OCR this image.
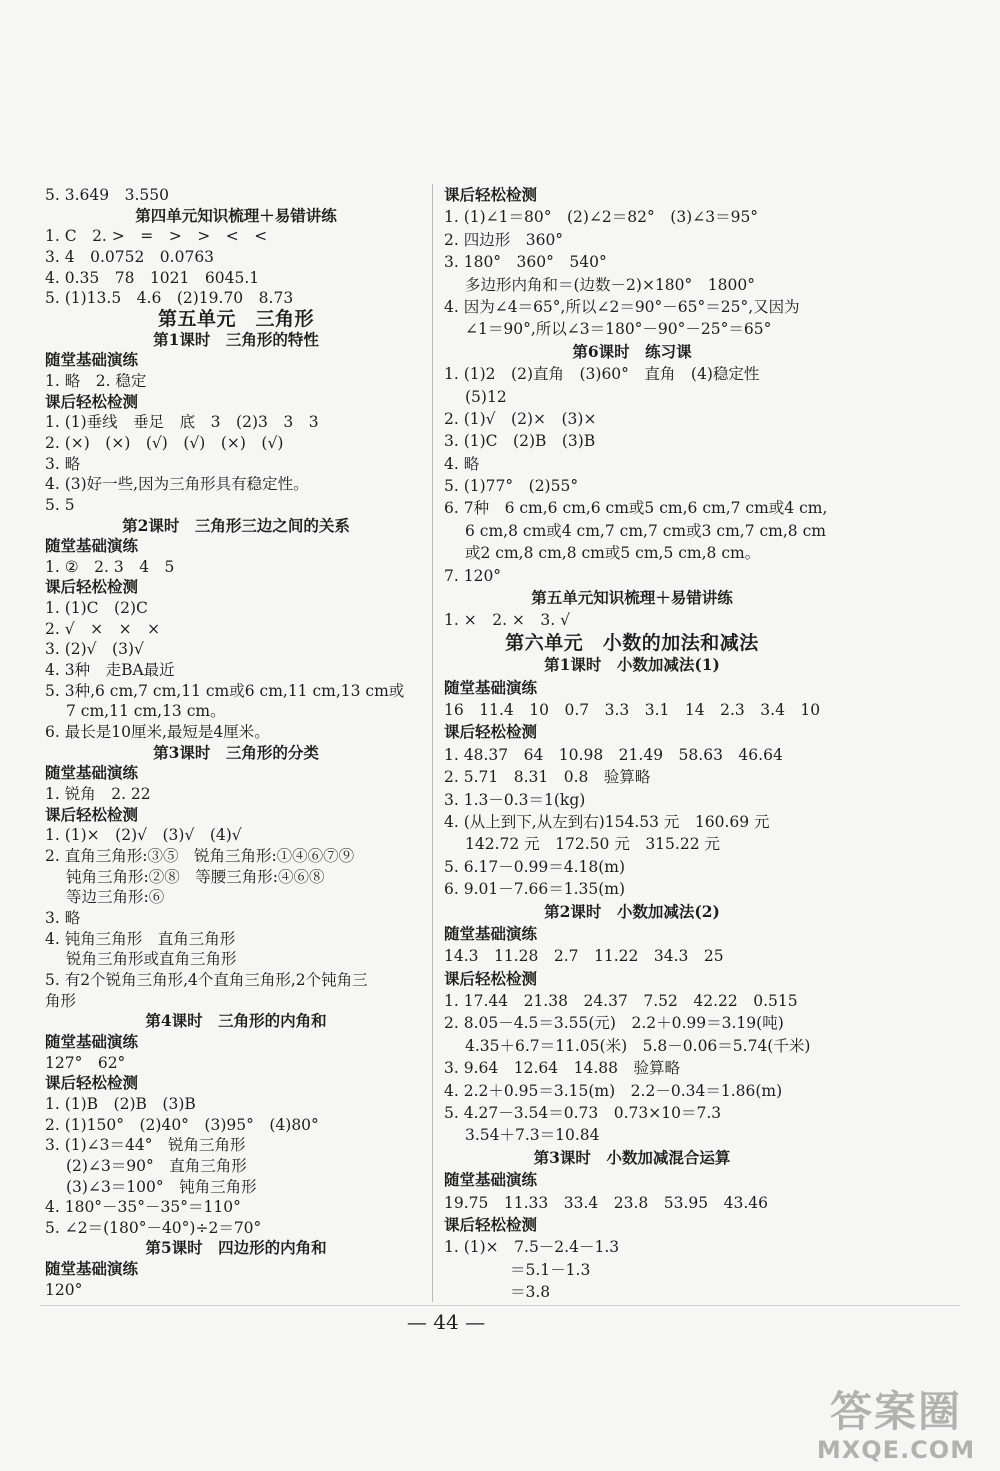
5. 3.649　3.550
第四单元知识梳理＋易错讲练
1. C　2. >　=　>　>　<　<
3. 4　0.0752　0.0763
4. 0.35　78　1021　6045.1
5. (1)13.5　4.6　(2)19.70　8.73
第五单元　三角形
第1课时　三角形的特性
随堂基础演练
1. 略　2. 稳定
课后轻松检测
1. (1)垂线　垂足　底　3　(2)3　3　3
2. (×)　(×)　(√)　(√)　(×)　(√)
3. 略
4. (3)好一些,因为三角形具有稳定性。
5. 5
第2课时　三角形三边之间的关系
随堂基础演练
1. ②　2. 3　4　5
课后轻松检测
1. (1)C　(2)C
2. √　×　×　×
3. (2)√　(3)√
4. 3种　走BA最近
5. 3种,6 cm,7 cm,11 cm或6 cm,11 cm,13 cm或
7 cm,11 cm,13 cm。
6. 最长是10厘米,最短是4厘米。
第3课时　三角形的分类
随堂基础演练
1. 锐角　2. 22
课后轻松检测
1. (1)×　(2)√　(3)√　(4)√
2. 直角三角形:③⑤　锐角三角形:①④⑥⑦⑨
钝角三角形:②⑧　等腰三角形:④⑥⑧
等边三角形:⑥
3. 略
4. 钝角三角形　直角三角形
锐角三角形或直角三角形
5. 有2个锐角三角形,4个直角三角形,2个钝角三
角形
第4课时　三角形的内角和
随堂基础演练
127°　62°
课后轻松检测
1. (1)B　(2)B　(3)B
2. (1)150°　(2)40°　(3)95°　(4)80°
3. (1)∠3＝44°　锐角三角形
(2)∠3＝90°　直角三角形
(3)∠3＝100°　钝角三角形
4. 180°－35°－35°＝110°
5. ∠2＝(180°－40°)÷2＝70°
第5课时　四边形的内角和
随堂基础演练
120°
课后轻松检测
1. (1)∠1＝80°　(2)∠2＝82°　(3)∠3＝95°
2. 四边形　360°
3. 180°　360°　540°
多边形内角和＝(边数－2)×180°　1800°
4. 因为∠4＝65°,所以∠2＝90°－65°＝25°,又因为
∠1＝90°,所以∠3＝180°－90°－25°＝65°
第6课时　练习课
1. (1)2　(2)直角　(3)60°　直角　(4)稳定性
(5)12
2. (1)√　(2)×　(3)×
3. (1)C　(2)B　(3)B
4. 略
5. (1)77°　(2)55°
6. 7种　6 cm,6 cm,6 cm或5 cm,6 cm,7 cm或4 cm,
6 cm,8 cm或4 cm,7 cm,7 cm或3 cm,7 cm,8 cm
或2 cm,8 cm,8 cm或5 cm,5 cm,8 cm。
7. 120°
第五单元知识梳理＋易错讲练
1. ×　2. ×　3. √
第六单元　小数的加法和减法
第1课时　小数加减法(1)
随堂基础演练
16　11.4　10　0.7　3.3　3.1　14　2.3　3.4　10
课后轻松检测
1. 48.37　64　10.98　21.49　58.63　46.64
2. 5.71　8.31　0.8　验算略
3. 1.3－0.3＝1(kg)
4. (从上到下,从左到右)154.53 元　160.69 元
142.72 元　172.50 元　315.22 元
5. 6.17－0.99＝4.18(m)
6. 9.01－7.66＝1.35(m)
第2课时　小数加减法(2)
随堂基础演练
14.3　11.28　2.7　11.22　34.3　25
课后轻松检测
1. 17.44　21.38　24.37　7.52　42.22　0.515
2. 8.05－4.5＝3.55(元)　2.2＋0.99＝3.19(吨)
4.35＋6.7＝11.05(米)　5.8－0.06＝5.74(千米)
3. 9.64　12.64　14.88　验算略
4. 2.2＋0.95＝3.15(m)　2.2－0.34＝1.86(m)
5. 4.27－3.54＝0.73　0.73×10＝7.3
3.54＋7.3＝10.84
第3课时　小数加减混合运算
随堂基础演练
19.75　11.33　33.4　23.8　53.95　43.46
课后轻松检测
1. (1)×　7.5－2.4－1.3
＝5.1－1.3
＝3.8
— 44 —
答案圈
MXQE.COM
